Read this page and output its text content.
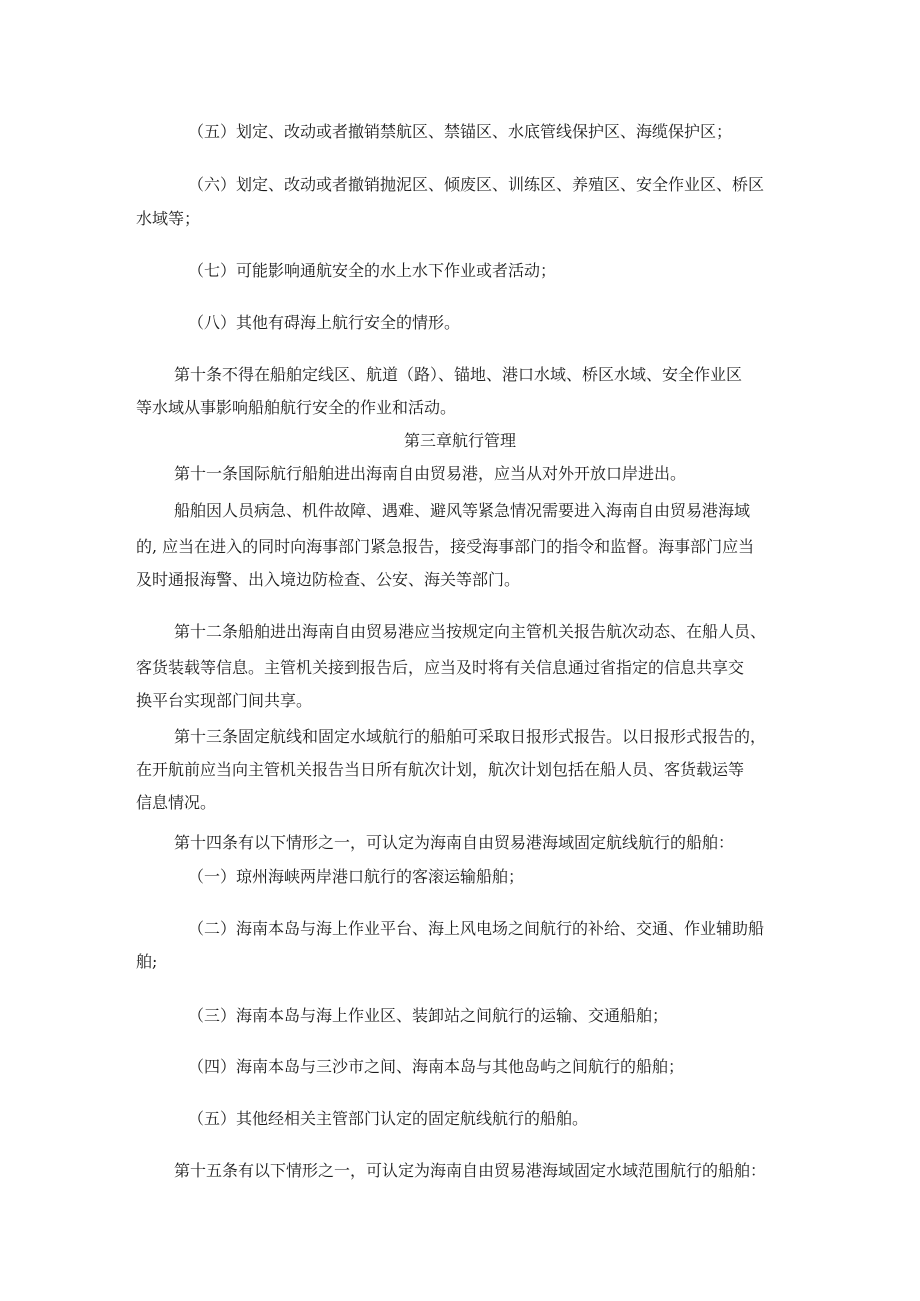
（五）划定、改动或者撤销禁航区、禁锚区、水底管线保护区、海缆保护区；

（六）划定、改动或者撤销抛泥区、倾废区、训练区、养殖区、安全作业区、桥区

水域等；

（七）可能影响通航安全的水上水下作业或者活动；

（八）其他有碍海上航行安全的情形。

第十条不得在船舶定线区、航道（路）、锚地、港口水域、桥区水域、安全作业区

等水域从事影响船舶航行安全的作业和活动。

第三章航行管理

第十一条国际航行船舶进出海南自由贸易港，应当从对外开放口岸进出。

船舶因人员病急、机件故障、遇难、避风等紧急情况需要进入海南自由贸易港海域

的, 应当在进入的同时向海事部门紧急报告，接受海事部门的指令和监督。海事部门应当

及时通报海警、出入境边防检查、公安、海关等部门。

第十二条船舶进出海南自由贸易港应当按规定向主管机关报告航次动态、在船人员、

客货装载等信息。主管机关接到报告后，应当及时将有关信息通过省指定的信息共享交

换平台实现部门间共享。

第十三条固定航线和固定水域航行的船舶可采取日报形式报告。以日报形式报告的，

在开航前应当向主管机关报告当日所有航次计划，航次计划包括在船人员、客货载运等

信息情况。

第十四条有以下情形之一，可认定为海南自由贸易港海域固定航线航行的船舶：

（一）琼州海峡两岸港口航行的客滚运输船舶；

（二）海南本岛与海上作业平台、海上风电场之间航行的补给、交通、作业辅助船

舶;

（三）海南本岛与海上作业区、装卸站之间航行的运输、交通船舶；

（四）海南本岛与三沙市之间、海南本岛与其他岛屿之间航行的船舶；

（五）其他经相关主管部门认定的固定航线航行的船舶。

第十五条有以下情形之一，可认定为海南自由贸易港海域固定水域范围航行的船舶：
